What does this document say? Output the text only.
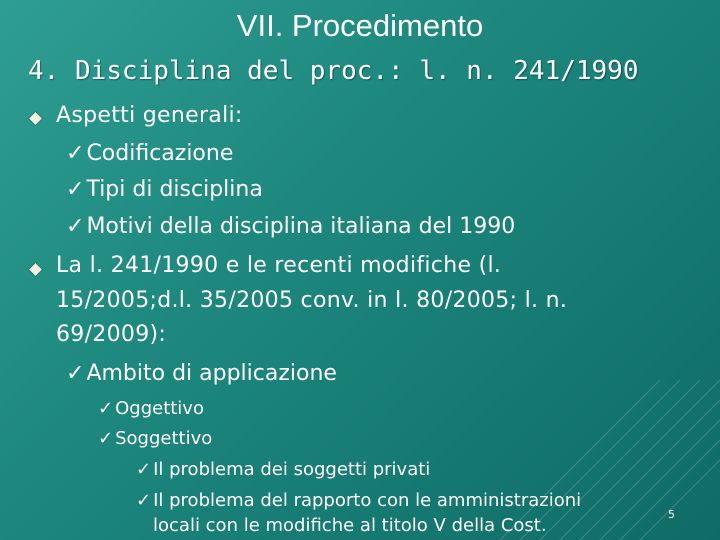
VII. Procedimento
4. Disciplina del proc.: l. n. 241/1990
Aspetti generali:
✓Codificazione
✓Tipi di disciplina
✓Motivi della disciplina italiana del 1990
La l. 241/1990 e le recenti modifiche (l.
15/2005;d.l. 35/2005 conv. in l. 80/2005; l. n.
69/2009):
✓Ambito di applicazione
✓ Oggettivo
✓ Soggettivo
✓ Il problema dei soggetti privati
✓ Il problema del rapporto con le amministrazioni
locali con le modifiche al titolo V della Cost.
5
